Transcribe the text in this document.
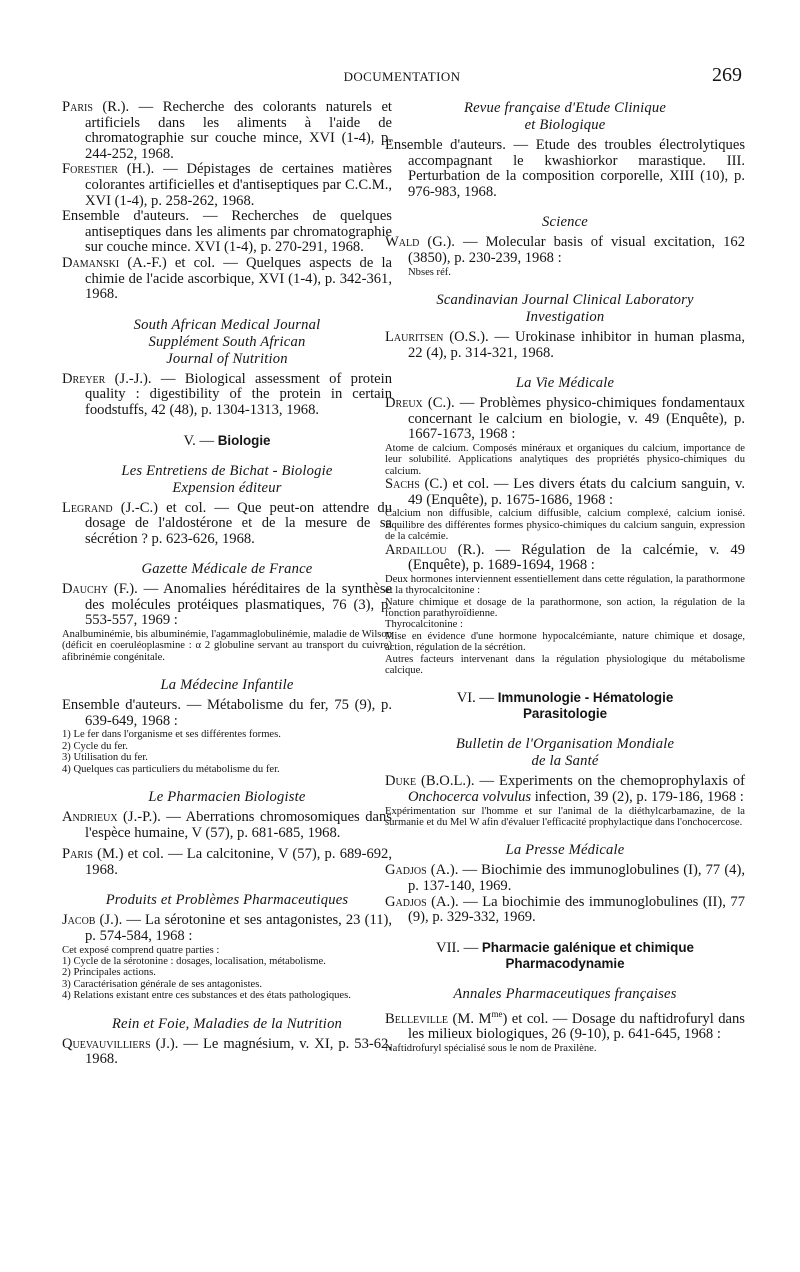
DOCUMENTATION	269

Paris (R.). — Recherche des colorants naturels et artificiels dans les aliments à l'aide de chromatographie sur couche mince, XVI (1-4), p. 244-252, 1968.

Forestier (H.). — Dépistages de certaines matières colorantes artificielles et d'antiseptiques par C.C.M., XVI (1-4), p. 258-262, 1968.

Ensemble d'auteurs. — Recherches de quelques antiseptiques dans les aliments par chromatographie sur couche mince. XVI (1-4), p. 270-291, 1968.

Damanski (A.-F.) et col. — Quelques aspects de la chimie de l'acide ascorbique, XVI (1-4), p. 342-361, 1968.

South African Medical Journal
Supplément South African
Journal of Nutrition

Dreyer (J.-J.). — Biological assessment of protein quality : digestibility of the protein in certain foodstuffs, 42 (48), p. 1304-1313, 1968.

V. — Biologie
Les Entretiens de Bichat - Biologie
Expension éditeur

Legrand (J.-C.) et col. — Que peut-on attendre du dosage de l'aldostérone et de la mesure de sa sécrétion ? p. 623-626, 1968.

Gazette Médicale de France

Dauchy (F.). — Anomalies héréditaires de la synthèse des molécules protéiques plasmatiques, 76 (3), p. 553-557, 1969 :

Analbuminémie, bis albuminémie, l'agammaglobulinémie, maladie de Wilson (déficit en coeruléoplasmine : α 2 globuline servant au transport du cuivre) afibrinémie congénitale.

La Médecine Infantile

Ensemble d'auteurs. — Métabolisme du fer, 75 (9), p. 639-649, 1968 :

1) Le fer dans l'organisme et ses différentes formes.
2) Cycle du fer.
3) Utilisation du fer.
4) Quelques cas particuliers du métabolisme du fer.
Le Pharmacien Biologiste

Andrieux (J.-P.). — Aberrations chromosomiques dans l'espèce humaine, V (57), p. 681-685, 1968.

Paris (M.) et col. — La calcitonine, V (57), p. 689-692, 1968.

Produits et Problèmes Pharmaceutiques

Jacob (J.). — La sérotonine et ses antagonistes, 23 (11), p. 574-584, 1968 :

Cet exposé comprend quatre parties :
1) Cycle de la sérotonine : dosages, localisation, métabolisme.
2) Principales actions.
3) Caractérisation générale de ses antagonistes.
4) Relations existant entre ces substances et des états pathologiques.
Rein et Foie, Maladies de la Nutrition

Quevauvilliers (J.). — Le magnésium, v. XI, p. 53-62, 1968.

Revue française d'Etude Clinique
et Biologique

Ensemble d'auteurs. — Etude des troubles électrolytiques accompagnant le kwashiorkor marastique. III. Perturbation de la composition corporelle, XIII (10), p. 976-983, 1968.

Science

Wald (G.). — Molecular basis of visual excitation, 162 (3850), p. 230-239, 1968 :

Nbses réf.

Scandinavian Journal Clinical Laboratory
Investigation

Lauritsen (O.S.). — Urokinase inhibitor in human plasma, 22 (4), p. 314-321, 1968.

La Vie Médicale

Dreux (C.). — Problèmes physico-chimiques fondamentaux concernant le calcium en biologie, v. 49 (Enquête), p. 1667-1673, 1968 :

Atome de calcium. Composés minéraux et organiques du calcium, importance de leur solubilité. Applications analytiques des propriétés physico-chimiques du calcium.

Sachs (C.) et col. — Les divers états du calcium sanguin, v. 49 (Enquête), p. 1675-1686, 1968 :

Calcium non diffusible, calcium diffusible, calcium complexé, calcium ionisé. Equilibre des différentes formes physico-chimiques du calcium sanguin, expression de la calcémie.

Ardaillou (R.). — Régulation de la calcémie, v. 49 (Enquête), p. 1689-1694, 1968 :

Deux hormones interviennent essentiellement dans cette régulation, la parathormone et la thyrocalcitonine :

Nature chimique et dosage de la parathormone, son action, la régulation de la fonction parathyroïdienne.

Thyrocalcitonine :

Mise en évidence d'une hormone hypocalcémiante, nature chimique et dosage, action, régulation de la sécrétion.

Autres facteurs intervenant dans la régulation physiologique du métabolisme calcique.

VI. — Immunologie - Hématologie
Parasitologie
Bulletin de l'Organisation Mondiale
de la Santé

Duke (B.O.L.). — Experiments on the chemoprophylaxis of Onchocerca volvulus infection, 39 (2), p. 179-186, 1968 :

Expérimentation sur l'homme et sur l'animal de la diéthylcarbamazine, de la surmanie et du Mel W afin d'évaluer l'efficacité prophylactique dans l'onchocercose.

La Presse Médicale

Gadjos (A.). — Biochimie des immunoglobulines (I), 77 (4), p. 137-140, 1969.

Gadjos (A.). — La biochimie des immunoglobulines (II), 77 (9), p. 329-332, 1969.

VII. — Pharmacie galénique et chimique
Pharmacodynamie
Annales Pharmaceutiques françaises

Belleville (M. $M^{me}$) et col. — Dosage du naftidrofuryl dans les milieux biologiques, 26 (9-10), p. 641-645, 1968 :

Naftidrofuryl spécialisé sous le nom de Praxilène.
